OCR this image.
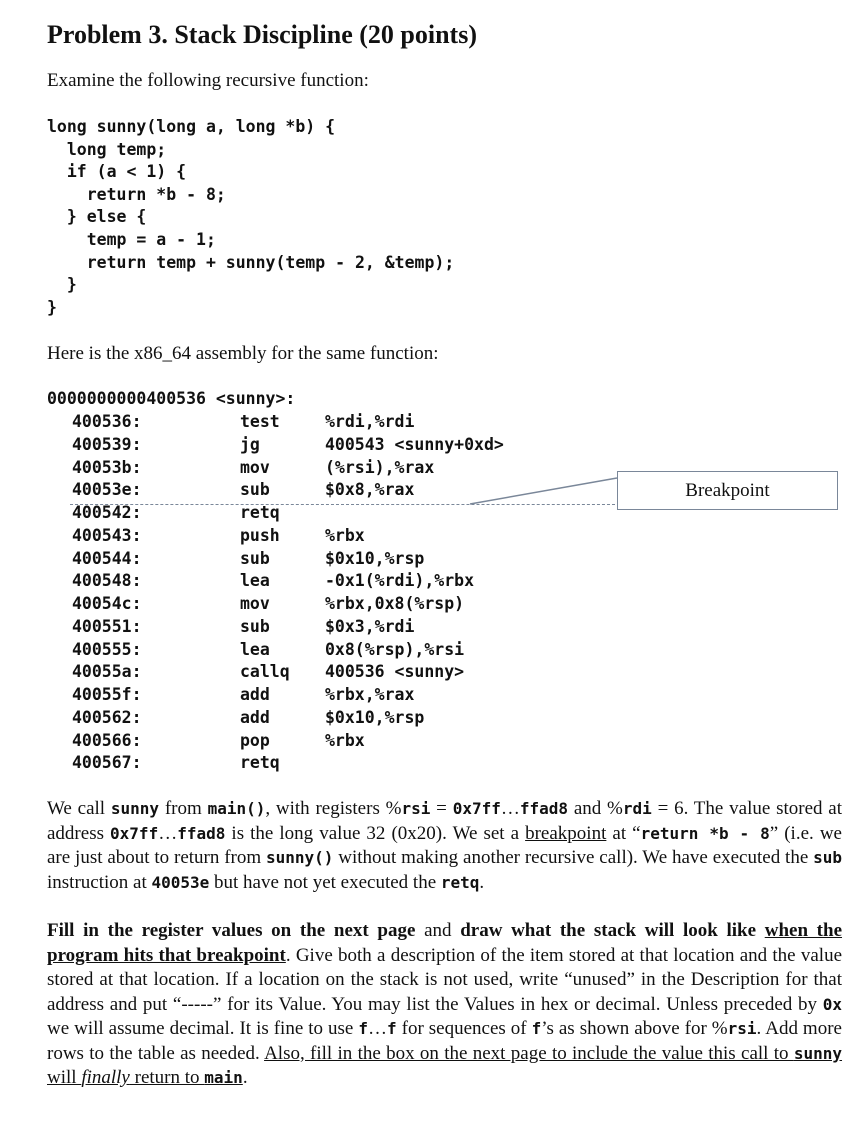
Problem 3. Stack Discipline (20 points)
Examine the following recursive function:
long sunny(long a, long *b) {
long temp;
if (a < 1) {
return *b - 8;
} else {
temp = a - 1;
return temp + sunny(temp - 2, &temp);
}
}
Here is the x86_64 assembly for the same function:
0000000000400536 <sunny>:
400536:	test	%rdi,%rdi
400539:	jg	400543 <sunny+0xd>
40053b:	mov	(%rsi),%rax
40053e:	sub	$0x8,%rax
400542:	retq
400543:	push	%rbx
400544:	sub	$0x10,%rsp
400548:	lea	-0x1(%rdi),%rbx
40054c:	mov	%rbx,0x8(%rsp)
400551:	sub	$0x3,%rdi
400555:	lea	0x8(%rsp),%rsi
40055a:	callq 400536 <sunny>
40055f:	add	%rbx,%rax
400562:	add	$0x10,%rsp
400566:	pop	%rbx
400567:	retq
Breakpoint
We call sunny from main(), with registers %rsi = 0x7ff…ffad8 and %rdi = 6. The value stored at address 0x7ff…ffad8 is the long value 32 (0x20). We set a breakpoint at “return *b - 8” (i.e. we are just about to return from sunny() without making another recursive call). We have executed the sub instruction at 40053e but have not yet executed the retq.
Fill in the register values on the next page and draw what the stack will look like when the program hits that breakpoint. Give both a description of the item stored at that location and the value stored at that location. If a location on the stack is not used, write “unused” in the Description for that address and put “-----” for its Value. You may list the Values in hex or decimal. Unless preceded by 0x we will assume decimal. It is fine to use f…f for sequences of f’s as shown above for %rsi. Add more rows to the table as needed. Also, fill in the box on the next page to include the value this call to sunny will finally return to main.
